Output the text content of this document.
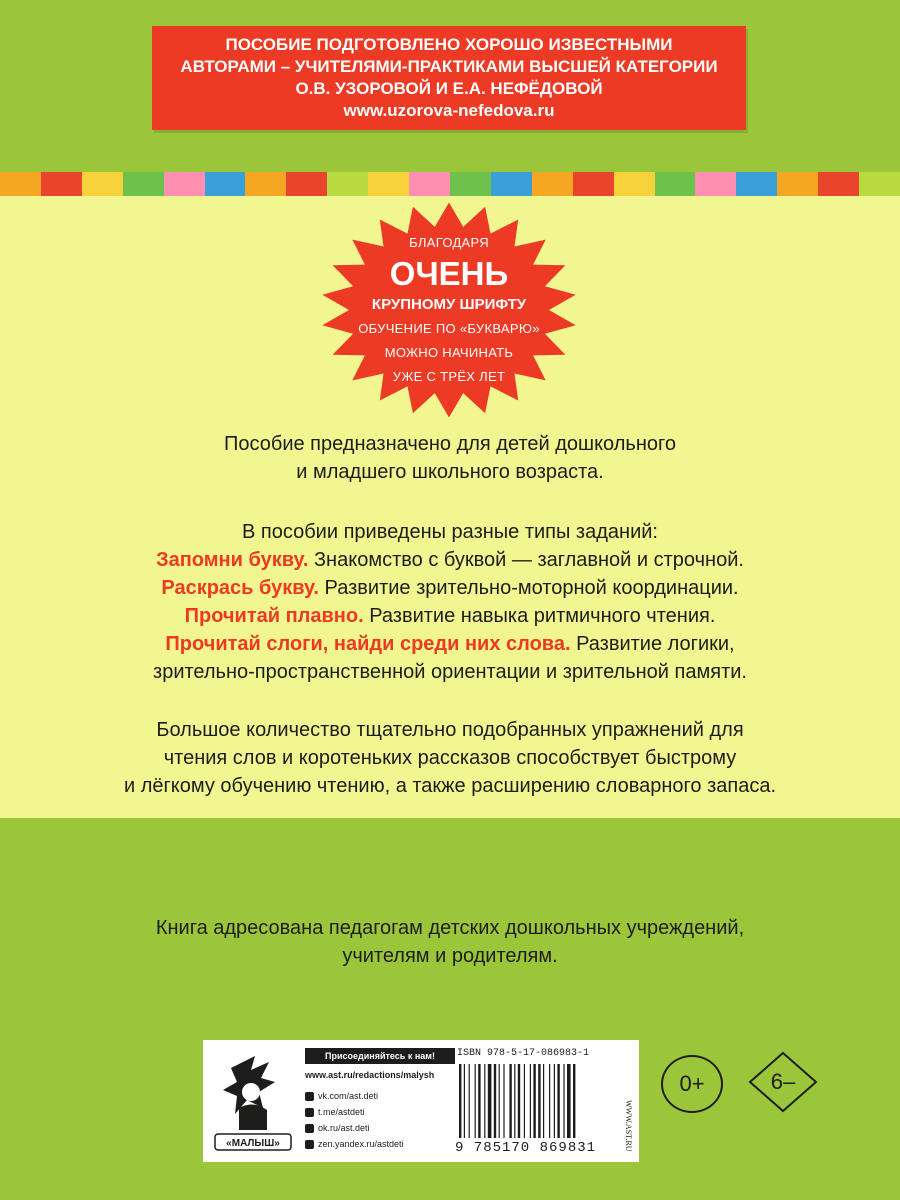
ПОСОБИЕ ПОДГОТОВЛЕНО ХОРОШО ИЗВЕСТНЫМИ
АВТОРАМИ – УЧИТЕЛЯМИ-ПРАКТИКАМИ ВЫСШЕЙ КАТЕГОРИИ
О.В. УЗОРОВОЙ И Е.А. НЕФЁДОВОЙ
www.uzorova-nefedova.ru
БЛАГОДАРЯ
ОЧЕНЬ
КРУПНОМУ ШРИФТУ
ОБУЧЕНИЕ ПО «БУКВАРЮ»
МОЖНО НАЧИНАТЬ
УЖЕ С ТРЁХ ЛЕТ
Пособие предназначено для детей дошкольного
и младшего школьного возраста.
В пособии приведены разные типы заданий:
Запомни букву. Знакомство с буквой — заглавной и строчной.
Раскрась букву. Развитие зрительно-моторной координации.
Прочитай плавно. Развитие навыка ритмичного чтения.
Прочитай слоги, найди среди них слова. Развитие логики,
зрительно-пространственной ориентации и зрительной памяти.
Большое количество тщательно подобранных упражнений для
чтения слов и коротеньких рассказов способствует быстрому
и лёгкому обучению чтению, а также расширению словарного запаса.
Книга адресована педагогам детских дошкольных учреждений,
учителям и родителям.
«МАЛЫШ»
Присоединяйтесь к нам!
www.ast.ru/redactions/malysh
vk.com/ast.deti
t.me/astdeti
ok.ru/ast.deti
zen.yandex.ru/astdeti
ISBN 978-5-17-086983-1
9 785170 869831	WWW.AST.RU
0+	6–
